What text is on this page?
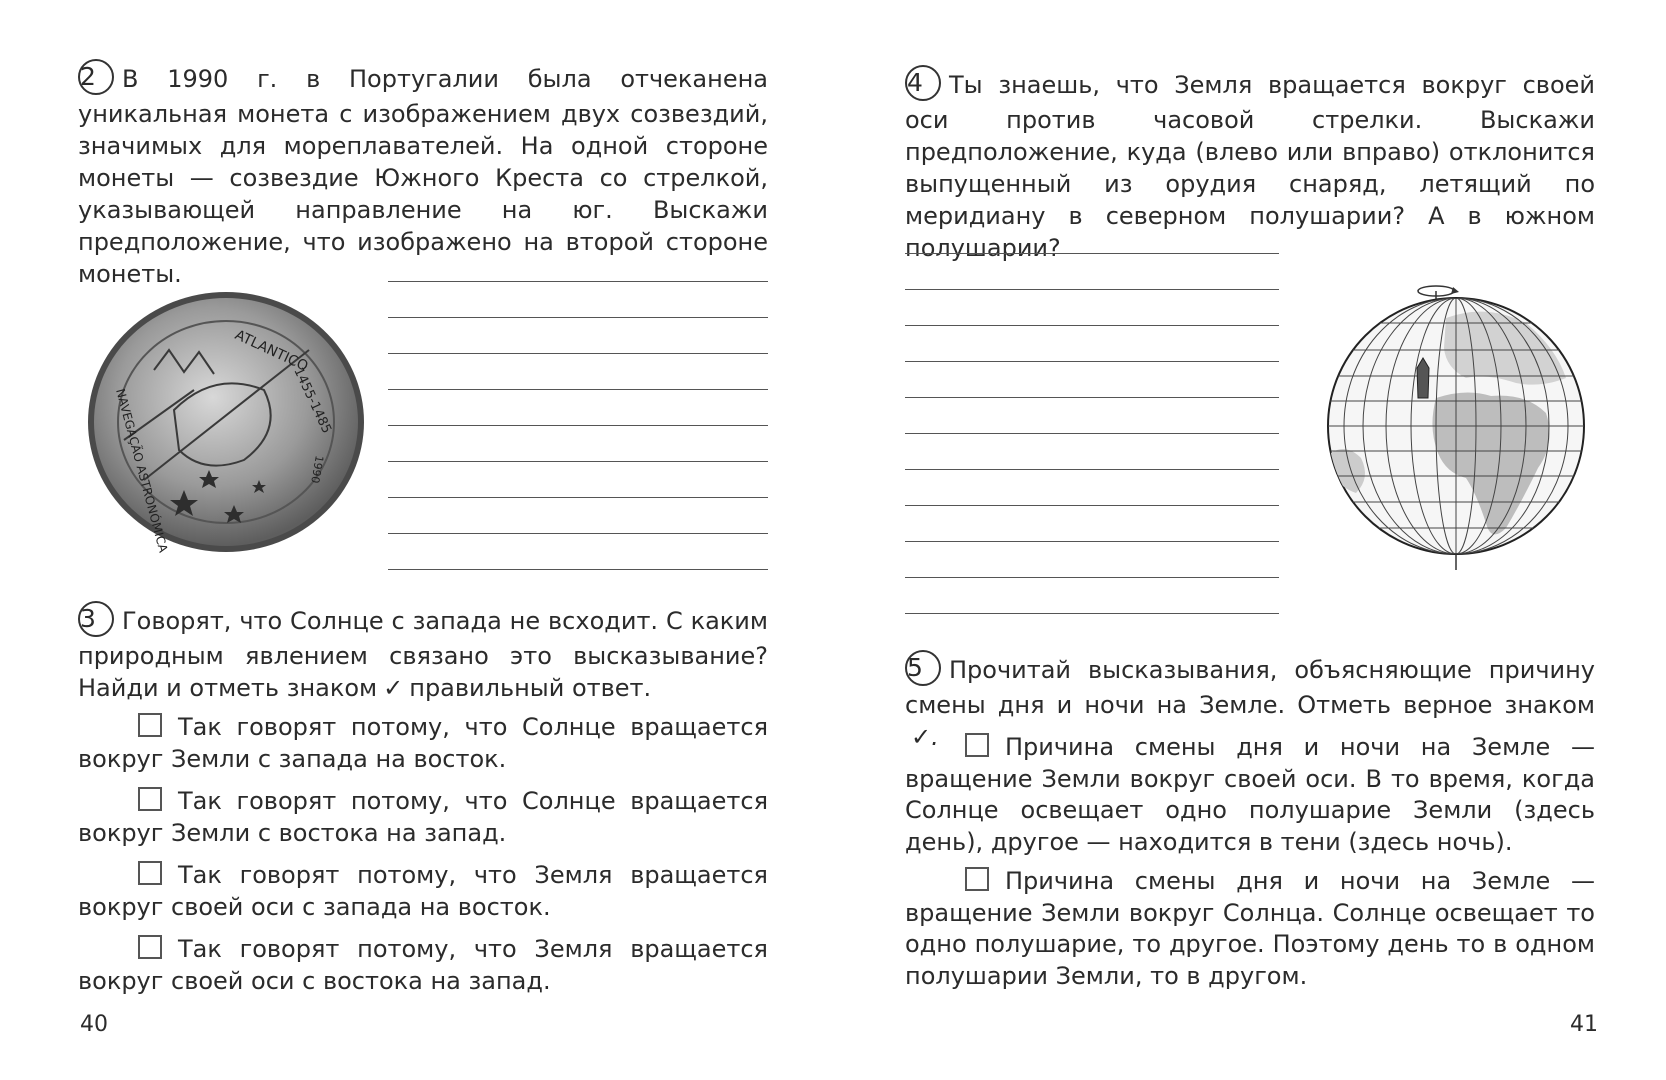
2 В 1990 г. в Португалии была отчеканена уникальная монета с изображением двух созвездий, значимых для мореплавателей. На одной стороне монеты — созвездие Южного Креста со стрелкой, указывающей направление на юг. Выскажи предположение, что изображено на второй стороне монеты.
ATLANTICO
1455-1485
NAVEGAÇÃO ASTRONÓMICA	1990
3 Говорят, что Солнце с запада не всходит. С каким природным явлением связано это высказывание? Найди и отметь знаком ✓ правильный ответ.
Так говорят потому, что Солнце вращается вокруг Земли с запада на восток.
Так говорят потому, что Солнце вращается вокруг Земли с востока на запад.
Так говорят потому, что Земля вращается вокруг своей оси с запада на восток.
Так говорят потому, что Земля вращается вокруг своей оси с востока на запад.
40
4 Ты знаешь, что Земля вращается вокруг своей оси против часовой стрелки. Выскажи предположение, куда (влево или вправо) отклонится выпущенный из орудия снаряд, летящий по меридиану в северном полушарии? А в южном полушарии?
5 Прочитай высказывания, объясняющие причину смены дня и ночи на Земле. Отметь верное знаком✓.	Причина смены дня и ночи на Земле — вращение Земли вокруг своей оси. В то время, когда Солнце освещает одно полушарие Земли (здесь день), другое — находится в тени (здесь ночь).
Причина смены дня и ночи на Земле — вращение Земли вокруг Солнца. Солнце освещает то одно полушарие, то другое. Поэтому день то в одном полушарии Земли, то в другом.
41
